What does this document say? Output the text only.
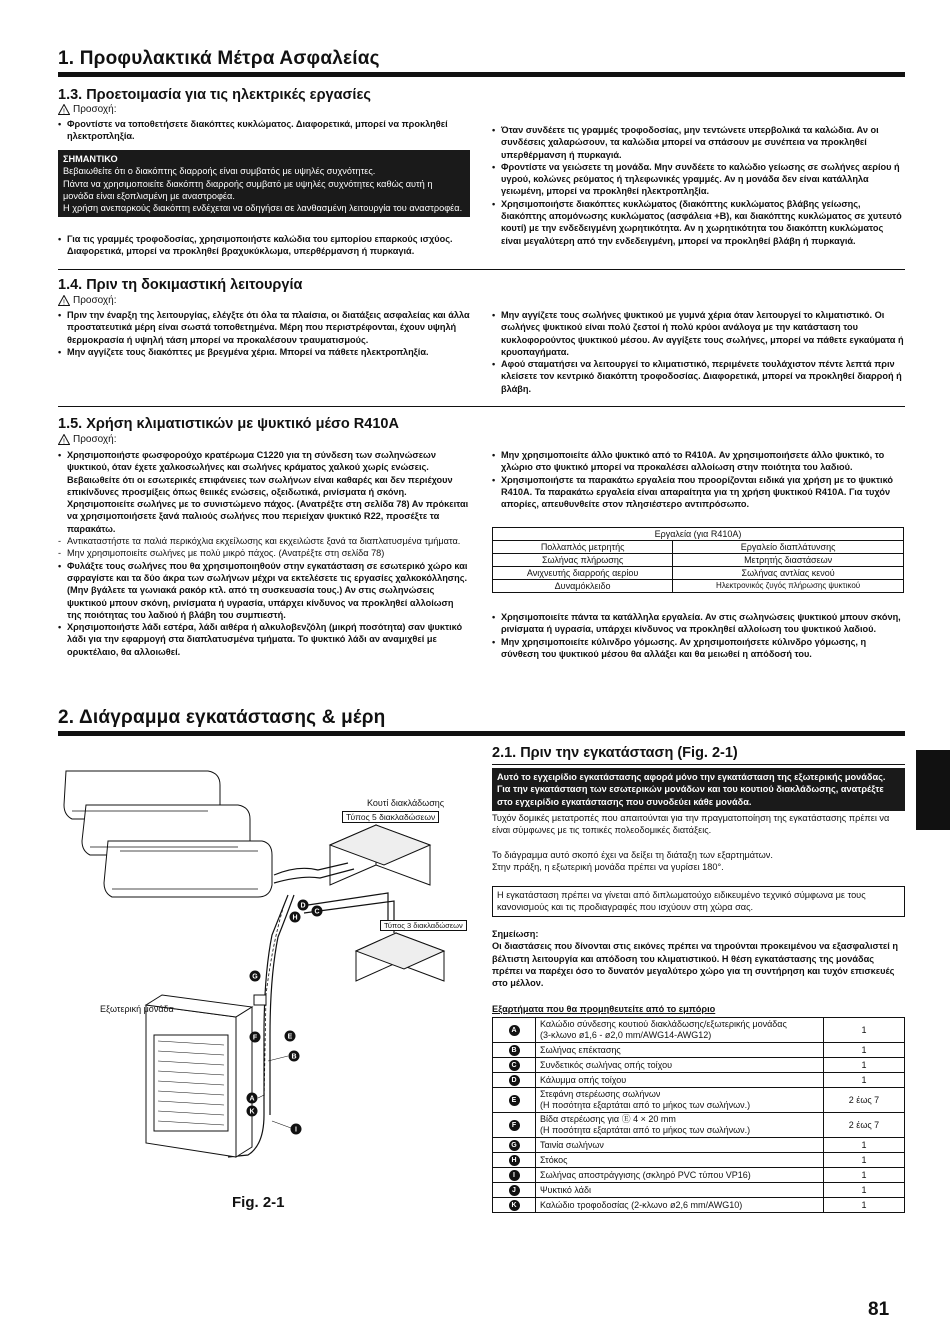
1. Προφυλακτικά Μέτρα Ασφαλείας
1.3. Προετοιμασία για τις ηλεκτρικές εργασίες
! Προσοχή:

• Φροντίστε να τοποθετήσετε διακόπτες κυκλώματος. Διαφορετικά, μπορεί να προκληθεί ηλεκτροπληξία.

ΣΗΜΑΝΤΙΚΟ
Βεβαιωθείτε ότι ο διακόπτης διαρροής είναι συμβατός με υψηλές συχνότητες.
Πάντα να χρησιμοποιείτε διακόπτη διαρροής συμβατό με υψηλές συχνότητες καθώς αυτή η μονάδα είναι εξοπλισμένη με αναστροφέα.
Η χρήση ανεπαρκούς διακόπτη ενδέχεται να οδηγήσει σε λανθασμένη λειτουργία του αναστροφέα.

• Για τις γραμμές τροφοδοσίας, χρησιμοποιήστε καλώδια του εμπορίου επαρκούς ισχύος. Διαφορετικά, μπορεί να προκληθεί βραχυκύκλωμα, υπερθέρμανση ή πυρκαγιά.

• Όταν συνδέετε τις γραμμές τροφοδοσίας, μην τεντώνετε υπερβολικά τα καλώδια. Αν οι συνδέσεις χαλαρώσουν, τα καλώδια μπορεί να σπάσουν με συνέπεια να προκληθεί υπερθέρμανση ή πυρκαγιά.

• Φροντίστε να γειώσετε τη μονάδα. Μην συνδέετε το καλώδιο γείωσης σε σωλήνες αερίου ή υγρού, κολώνες ρεύματος ή τηλεφωνικές γραμμές. Αν η μονάδα δεν είναι κατάλληλα γειωμένη, μπορεί να προκληθεί ηλεκτροπληξία.

• Χρησιμοποιήστε διακόπτες κυκλώματος (διακόπτης κυκλώματος βλάβης γείωσης, διακόπτης απομόνωσης κυκλώματος (ασφάλεια +B), και διακόπτης κυκλώματος σε χυτευτό κουτί) με την ενδεδειγμένη χωρητικότητα. Αν η χωρητικότητα του διακόπτη κυκλώματος είναι μεγαλύτερη από την ενδεδειγμένη, μπορεί να προκληθεί βλάβη ή πυρκαγιά.

1.4. Πριν τη δοκιμαστική λειτουργία
! Προσοχή:

• Πριν την έναρξη της λειτουργίας, ελέγξτε ότι όλα τα πλαίσια, οι διατάξεις ασφαλείας και άλλα προστατευτικά μέρη είναι σωστά τοποθετημένα. Μέρη που περιστρέφονται, έχουν υψηλή θερμοκρασία ή υψηλή τάση μπορεί να προκαλέσουν τραυματισμούς.

• Μην αγγίζετε τους διακόπτες με βρεγμένα χέρια. Μπορεί να πάθετε ηλεκτροπληξία.

• Μην αγγίζετε τους σωλήνες ψυκτικού με γυμνά χέρια όταν λειτουργεί το κλιματιστικό. Οι σωλήνες ψυκτικού είναι πολύ ζεστοί ή πολύ κρύοι ανάλογα με την κατάσταση του κυκλοφορούντος ψυκτικού μέσου. Αν αγγίξετε τους σωλήνες, μπορεί να πάθετε εγκαύματα ή κρυοπαγήματα.

• Αφού σταματήσει να λειτουργεί το κλιματιστικό, περιμένετε τουλάχιστον πέντε λεπτά πριν κλείσετε τον κεντρικό διακόπτη τροφοδοσίας. Διαφορετικά, μπορεί να προκληθεί διαρροή ή βλάβη.

1.5. Χρήση κλιματιστικών με ψυκτικό μέσο R410A
! Προσοχή:

• Χρησιμοποιήστε φωσφορούχο κρατέρωμα C1220 για τη σύνδεση των σωληνώσεων ψυκτικού, όταν έχετε χαλκοσωλήνες και σωλήνες κράματος χαλκού χωρίς ενώσεις. Βεβαιωθείτε ότι οι εσωτερικές επιφάνειες των σωλήνων είναι καθαρές και δεν περιέχουν επικίνδυνες προσμίξεις όπως θειικές ενώσεις, οξειδωτικά, ρινίσματα ή σκόνη. Χρησιμοποιείτε σωλήνες με το συνιστώμενο πάχος. (Ανατρέξτε στη σελίδα 78) Αν πρόκειται να χρησιμοποιήσετε ξανά παλιούς σωλήνες που περιείχαν ψυκτικό R22, προσέξτε τα παρακάτω.

- Αντικαταστήστε τα παλιά περικόχλια εκχείλωσης και εκχειλώστε ξανά τα διαπλατυσμένα τμήματα.

- Μην χρησιμοποιείτε σωλήνες με πολύ μικρό πάχος. (Ανατρέξτε στη σελίδα 78)

• Φυλάξτε τους σωλήνες που θα χρησιμοποιηθούν στην εγκατάσταση σε εσωτερικό χώρο και σφραγίστε και τα δύο άκρα των σωλήνων μέχρι να εκτελέσετε τις εργασίες χαλκοκόλλησης. (Μην βγάλετε τα γωνιακά ρακόρ κτλ. από τη συσκευασία τους.) Αν στις σωληνώσεις ψυκτικού μπουν σκόνη, ρινίσματα ή υγρασία, υπάρχει κίνδυνος να προκληθεί αλλοίωση της ποιότητας του λαδιού ή βλάβη του συμπιεστή.

• Χρησιμοποιήστε λάδι εστέρα, λάδι αιθέρα ή αλκυλοβενζόλη (μικρή ποσότητα) σαν ψυκτικό λάδι για την εφαρμογή στα διαπλατυσμένα τμήματα. Το ψυκτικό λάδι αν αναμιχθεί με ορυκτέλαιο, θα αλλοιωθεί.

• Μην χρησιμοποιείτε άλλο ψυκτικό από το R410A. Αν χρησιμοποιήσετε άλλο ψυκτικό, το χλώριο στο ψυκτικό μπορεί να προκαλέσει αλλοίωση στην ποιότητα του λαδιού.

• Χρησιμοποιήστε τα παρακάτω εργαλεία που προορίζονται ειδικά για χρήση με το ψυκτικό R410A. Τα παρακάτω εργαλεία είναι απαραίτητα για τη χρήση ψυκτικού R410A. Για τυχόν απορίες, απευθυνθείτε στον πλησιέστερο αντιπρόσωπο.

Εργαλεία (για R410A)	
Πολλαπλός μετρητής	Εργαλείο διαπλάτυνσης
Σωλήνας πλήρωσης	Μετρητής διαστάσεων
Ανιχνευτής διαρροής αερίου	Σωλήνας αντλίας κενού
Δυναμόκλειδο	Ηλεκτρονικός ζυγός πλήρωσης ψυκτικού

• Χρησιμοποιείτε πάντα τα κατάλληλα εργαλεία. Αν στις σωληνώσεις ψυκτικού μπουν σκόνη, ρινίσματα ή υγρασία, υπάρχει κίνδυνος να προκληθεί αλλοίωση του ψυκτικού λαδιού.

• Μην χρησιμοποιείτε κύλινδρο γόμωσης. Αν χρησιμοποιήσετε κύλινδρο γόμωσης, η σύνθεση του ψυκτικού μέσου θα αλλάξει και θα μειωθεί η απόδοσή του.

2. Διάγραμμα εγκατάστασης & μέρη
D
H
C
G
F	E
B
A
K
I
Κουτί διακλάδωσης
Τύπος 5 διακλαδώσεων
Τύπος 3 διακλαδώσεων
Εξωτερική μονάδα
Fig. 2-1
2.1. Πριν την εγκατάσταση (Fig. 2-1)
Αυτό το εγχειρίδιο εγκατάστασης αφορά μόνο την εγκατάσταση της εξωτερικής μονάδας. Για την εγκατάσταση των εσωτερικών μονάδων και του κουτιού διακλάδωσης, ανατρέξτε στο εγχειρίδιο εγκατάστασης που συνοδεύει κάθε μονάδα.

Τυχόν δομικές μετατροπές που απαιτούνται για την πραγματοποίηση της εγκατάστασης πρέπει να είναι σύμφωνες με τις τοπικές πολεοδομικές διατάξεις.

Το διάγραμμα αυτό σκοπό έχει να δείξει τη διάταξη των εξαρτημάτων.

Στην πράξη, η εξωτερική μονάδα πρέπει να γυρίσει 180°.

Η εγκατάσταση πρέπει να γίνεται από διπλωματούχο ειδικευμένο τεχνικό σύμφωνα με τους κανονισμούς και τις προδιαγραφές που ισχύουν στη χώρα σας.

Σημείωση:

Οι διαστάσεις που δίνονται στις εικόνες πρέπει να τηρούνται προκειμένου να εξασφαλιστεί η βέλτιστη λειτουργία και απόδοση του κλιματιστικού. Η θέση εγκατάστασης της μονάδας πρέπει να παρέχει όσο το δυνατόν μεγαλύτερο χώρο για τη συντήρηση και τυχόν επισκευές στο μέλλον.

Εξαρτήματα που θα προμηθευτείτε από το εμπόριο
A	Καλώδιο σύνδεσης κουτιού διακλάδωσης/εξωτερικής μονάδας
(3-κλωνο ø1,6 - ø2,0 mm/AWG14-AWG12)	1
B	Σωλήνας επέκτασης	1
C	Συνδετικός σωλήνας οπής τοίχου	1
D	Κάλυμμα οπής τοίχου	1
E	Στεφάνη στερέωσης σωλήνων
(Η ποσότητα εξαρτάται από το μήκος των σωλήνων.)	2 έως 7
F	Βίδα στερέωσης για Ⓔ 4 × 20 mm
(Η ποσότητα εξαρτάται από το μήκος των σωλήνων.)	2 έως 7
G	Ταινία σωλήνων	1
H	Στόκος	1
I	Σωλήνας αποστράγγισης (σκληρό PVC τύπου VP16)	1
J	Ψυκτικό λάδι	1
K	Καλώδιο τροφοδοσίας (2-κλωνο ø2,6 mm/AWG10)	1
81
